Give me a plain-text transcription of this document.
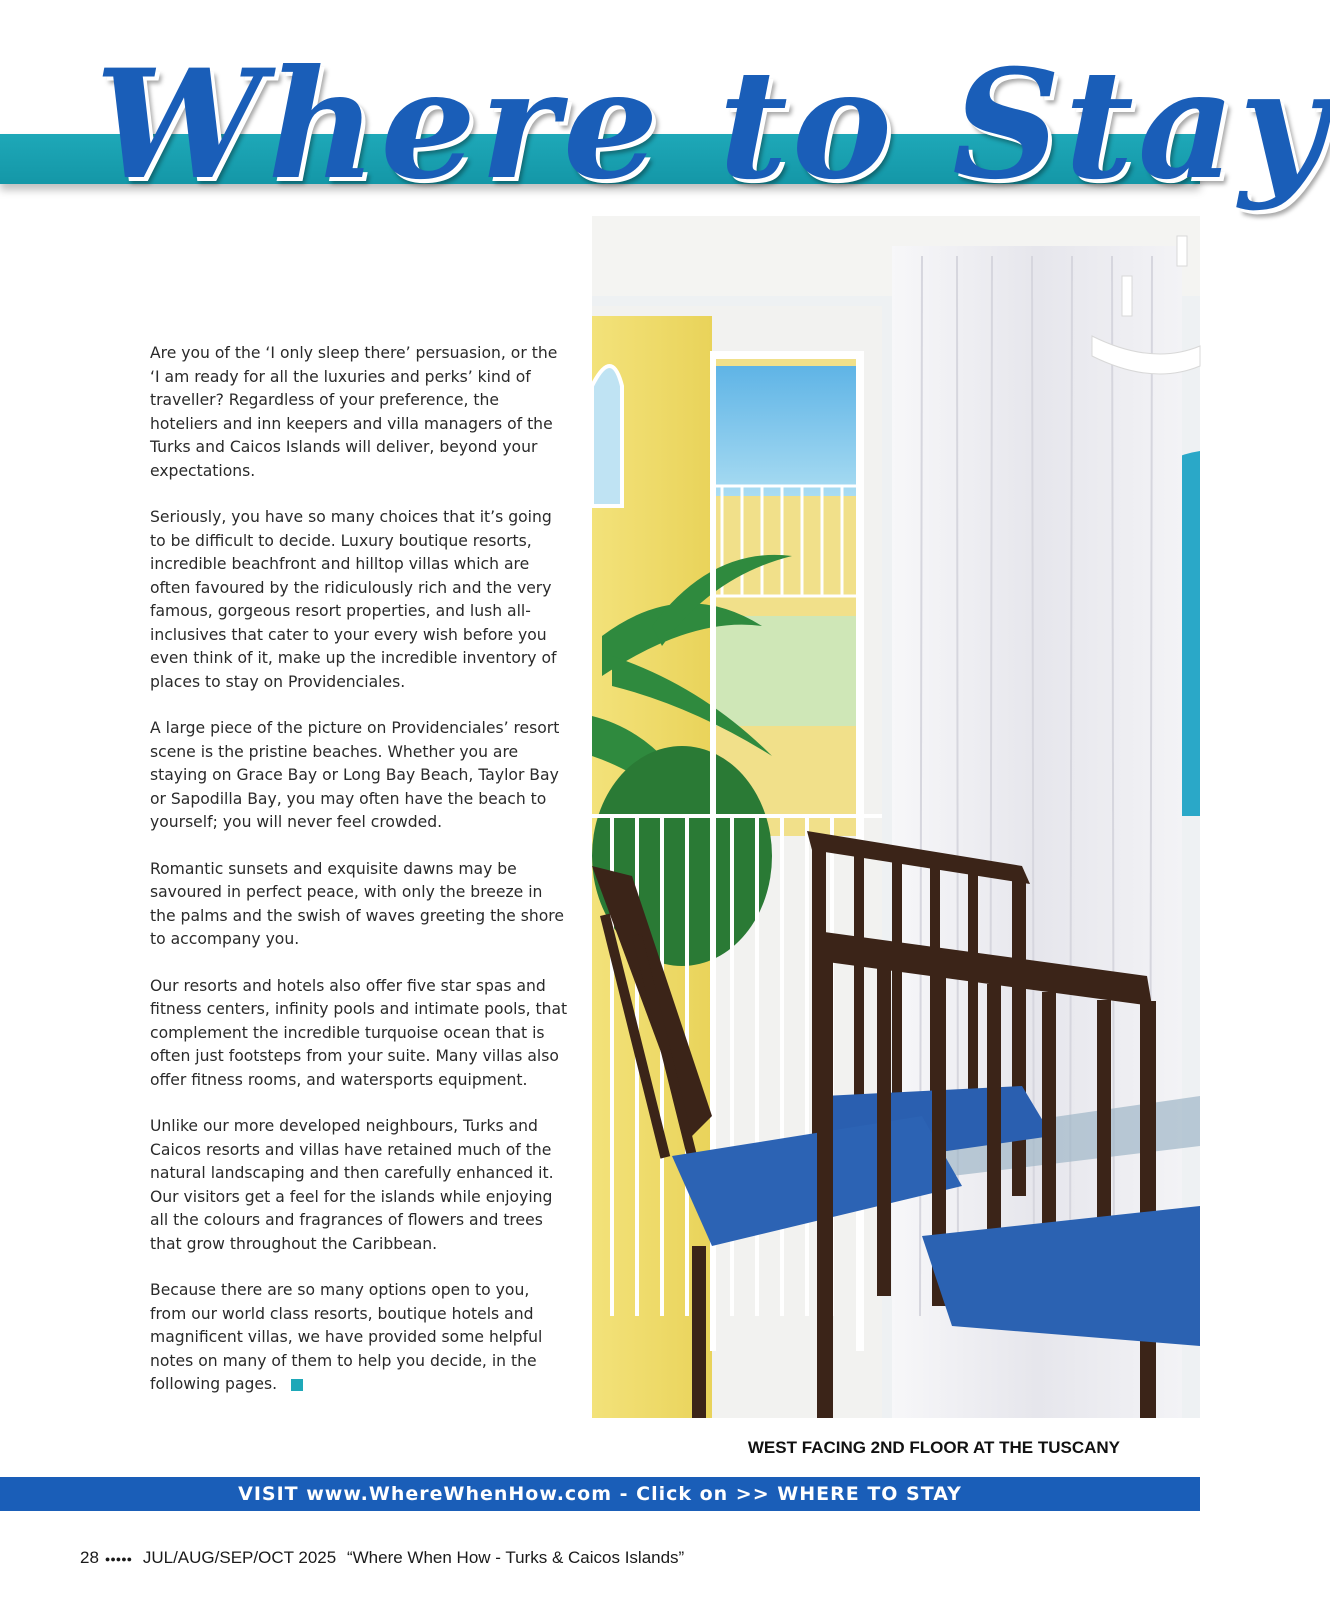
Where to Stay

Are you of the ‘I only sleep there’ persuasion, or the ‘I am ready for all the luxuries and perks’ kind of traveller? Regardless of your preference, the hoteliers and inn keepers and villa managers of the Turks and Caicos Islands will deliver, beyond your expectations.

Seriously, you have so many choices that it’s going to be difficult to decide. Luxury boutique resorts, incredible beachfront and hilltop villas which are often favoured by the ridiculously rich and the very famous, gorgeous resort properties, and lush all-inclusives that cater to your every wish before you even think of it, make up the incredible inventory of places to stay on Providenciales.

A large piece of the picture on Providenciales’ resort scene is the pristine beaches. Whether you are staying on Grace Bay or Long Bay Beach, Taylor Bay or Sapodilla Bay, you may often have the beach to yourself; you will never feel crowded.

Romantic sunsets and exquisite dawns may be savoured in perfect peace, with only the breeze in the palms and the swish of waves greeting the shore to accompany you.

Our resorts and hotels also offer five star spas and fitness centers, infinity pools and intimate pools, that complement the incredible turquoise ocean that is often just footsteps from your suite. Many villas also offer fitness rooms, and watersports equipment.

Unlike our more developed neighbours, Turks and Caicos resorts and villas have retained much of the natural landscaping and then carefully enhanced it. Our visitors get a feel for the islands while enjoying all the colours and fragrances of flowers and trees that grow throughout the Caribbean.

Because there are so many options open to you, from our world class resorts, boutique hotels and magnificent villas, we have provided some helpful notes on many of them to help you decide, in the following pages.

WEST FACING 2ND FLOOR AT THE TUSCANY
VISIT www.WhereWhenHow.com - Click on >> WHERE TO STAY
28 ●●●●● JUL/AUG/SEP/OCT 2025 “Where When How - Turks & Caicos Islands”
